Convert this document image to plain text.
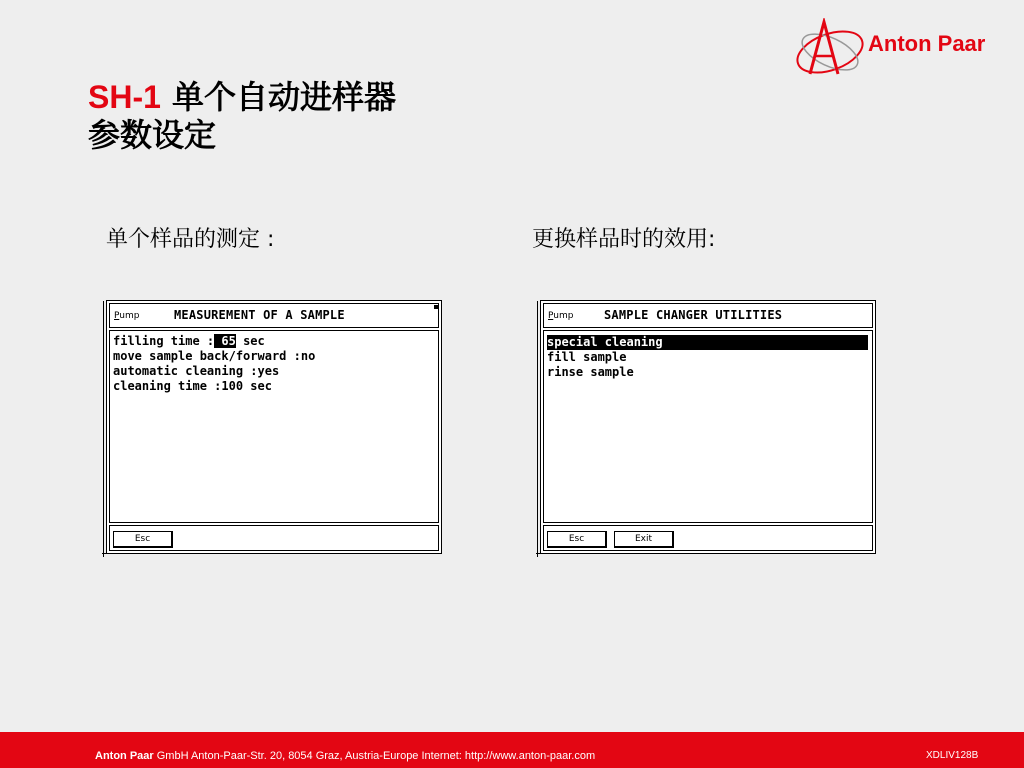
SH-1 单个自动进样器
参数设定
Anton Paar
单个样品的测定 :	更换样品时的效用:
Pump	MEASUREMENT OF A SAMPLE
filling time : 65 sec
move sample back/forward :no
automatic cleaning :yes
cleaning time :100 sec
Esc
Pump	SAMPLE CHANGER UTILITIES
special cleaning
fill sample
rinse sample
Esc	Exit
Anton Paar GmbH Anton-Paar-Str. 20, 8054 Graz, Austria-Europe Internet: http://www.anton-paar.com	XDLIV128B
